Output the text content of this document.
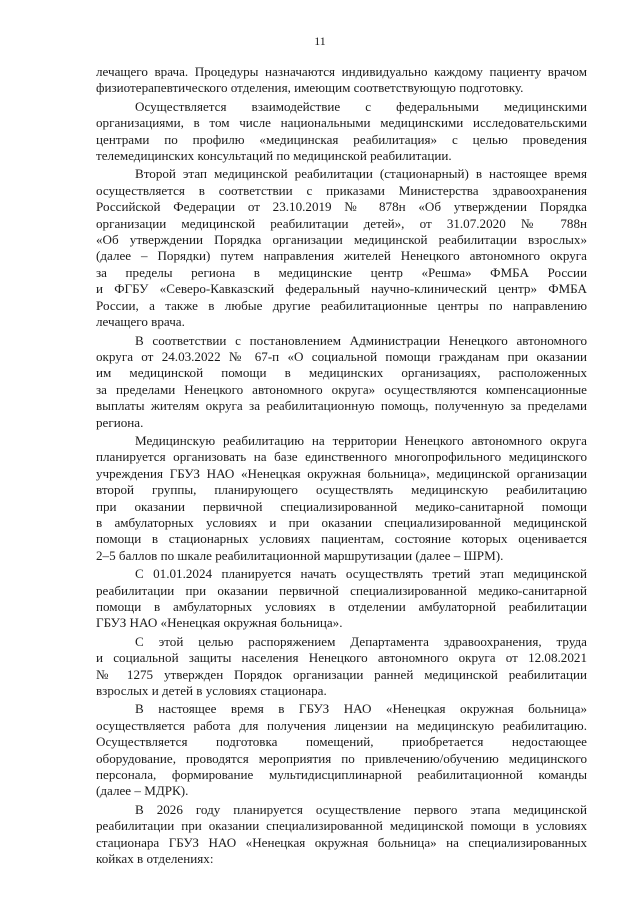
11
лечащего врача. Процедуры назначаются индивидуально каждому пациенту врачом
физиотерапевтического отделения, имеющим соответствующую подготовку.
Осуществляется взаимодействие с федеральными медицинскими
организациями, в том числе национальными медицинскими исследовательскими
центрами по профилю «медицинская реабилитация» с целью проведения
телемедицинских консультаций по медицинской реабилитации.
Второй этап медицинской реабилитации (стационарный) в настоящее время
осуществляется в соответствии с приказами Министерства здравоохранения
Российской Федерации от 23.10.2019 № 878н «Об утверждении Порядка
организации медицинской реабилитации детей», от 31.07.2020 № 788н
«Об утверждении Порядка организации медицинской реабилитации взрослых»
(далее – Порядки) путем направления жителей Ненецкого автономного округа
за пределы региона в медицинские центр «Решма» ФМБА России
и ФГБУ «Северо-Кавказский федеральный научно-клинический центр» ФМБА
России, а также в любые другие реабилитационные центры по направлению
лечащего врача.
В соответствии с постановлением Администрации Ненецкого автономного
округа от 24.03.2022 № 67-п «О социальной помощи гражданам при оказании
им медицинской помощи в медицинских организациях, расположенных
за пределами Ненецкого автономного округа» осуществляются компенсационные
выплаты жителям округа за реабилитационную помощь, полученную за пределами
региона.
Медицинскую реабилитацию на территории Ненецкого автономного округа
планируется организовать на базе единственного многопрофильного медицинского
учреждения ГБУЗ НАО «Ненецкая окружная больница», медицинской организации
второй группы, планирующего осуществлять медицинскую реабилитацию
при оказании первичной специализированной медико-санитарной помощи
в амбулаторных условиях и при оказании специализированной медицинской
помощи в стационарных условиях пациентам, состояние которых оценивается
2–5 баллов по шкале реабилитационной маршрутизации (далее – ШРМ).
С 01.01.2024 планируется начать осуществлять третий этап медицинской
реабилитации при оказании первичной специализированной медико-санитарной
помощи в амбулаторных условиях в отделении амбулаторной реабилитации
ГБУЗ НАО «Ненецкая окружная больница».
С этой целью распоряжением Департамента здравоохранения, труда
и социальной защиты населения Ненецкого автономного округа от 12.08.2021
№ 1275 утвержден Порядок организации ранней медицинской реабилитации
взрослых и детей в условиях стационара.
В настоящее время в ГБУЗ НАО «Ненецкая окружная больница»
осуществляется работа для получения лицензии на медицинскую реабилитацию.
Осуществляется подготовка помещений, приобретается недостающее
оборудование, проводятся мероприятия по привлечению/обучению медицинского
персонала, формирование мультидисциплинарной реабилитационной команды
(далее – МДРК).
В 2026 году планируется осуществление первого этапа медицинской
реабилитации при оказании специализированной медицинской помощи в условиях
стационара ГБУЗ НАО «Ненецкая окружная больница» на специализированных
койках в отделениях:
